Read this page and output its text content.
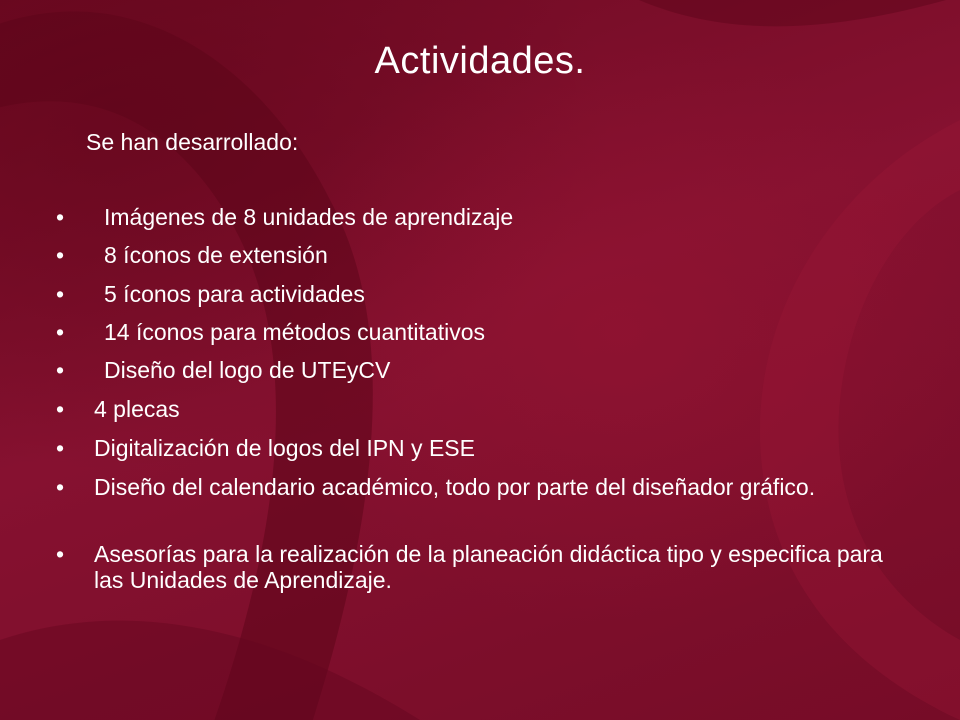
Actividades.
Se han desarrollado:
•	Imágenes de 8 unidades de aprendizaje
•	8 íconos de extensión
•	5 íconos para actividades
•	14 íconos para métodos cuantitativos
•	Diseño del logo de UTEyCV
•	4 plecas
•	Digitalización de logos del IPN y ESE
•	Diseño del calendario académico, todo por parte del diseñador gráfico.
•	Asesorías para la realización de la planeación didáctica tipo y especifica para las Unidades de Aprendizaje.
